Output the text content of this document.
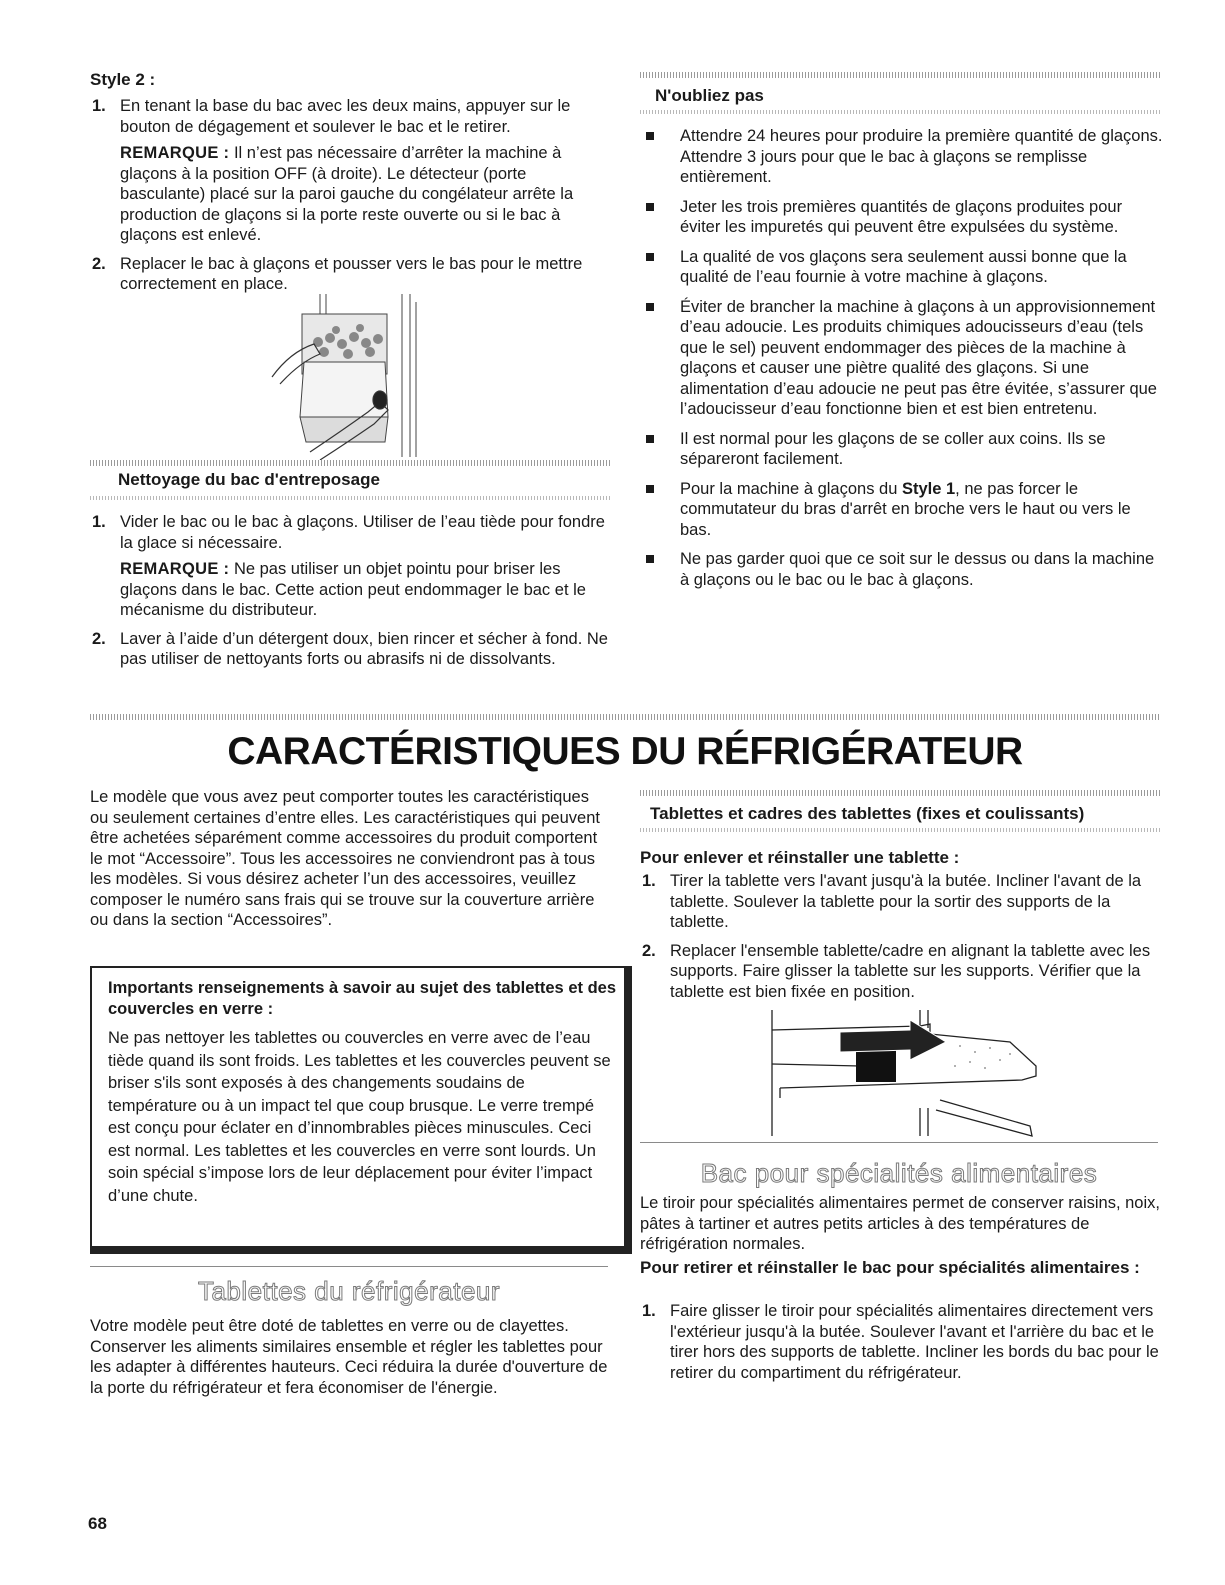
Style 2 :
1. En tenant la base du bac avec les deux mains, appuyer sur le bouton de dégagement et soulever le bac et le retirer.
REMARQUE : Il n’est pas nécessaire d’arrêter la machine à glaçons à la position OFF (à droite). Le détecteur (porte basculante) placé sur la paroi gauche du congélateur arrête la production de glaçons si la porte reste ouverte ou si le bac à glaçons est enlevé.
2. Replacer le bac à glaçons et pousser vers le bas pour le mettre correctement en place.
Nettoyage du bac d'entreposage
1. Vider le bac ou le bac à glaçons. Utiliser de l’eau tiède pour fondre la glace si nécessaire.
REMARQUE : Ne pas utiliser un objet pointu pour briser les glaçons dans le bac. Cette action peut endommager le bac et le mécanisme du distributeur.
2. Laver à l’aide d’un détergent doux, bien rincer et sécher à fond. Ne pas utiliser de nettoyants forts ou abrasifs ni de dissolvants.
N'oubliez pas
Attendre 24 heures pour produire la première quantité de glaçons. Attendre 3 jours pour que le bac à glaçons se remplisse entièrement.
Jeter les trois premières quantités de glaçons produites pour éviter les impuretés qui peuvent être expulsées du système.
La qualité de vos glaçons sera seulement aussi bonne que la qualité de l’eau fournie à votre machine à glaçons.
Éviter de brancher la machine à glaçons à un approvisionnement d’eau adoucie. Les produits chimiques adoucisseurs d’eau (tels que le sel) peuvent endommager des pièces de la machine à glaçons et causer une piètre qualité des glaçons. Si une alimentation d’eau adoucie ne peut pas être évitée, s’assurer que l’adoucisseur d’eau fonctionne bien et est bien entretenu.
Il est normal pour les glaçons de se coller aux coins. Ils se sépareront facilement.
Pour la machine à glaçons du Style 1, ne pas forcer le commutateur du bras d'arrêt en broche vers le haut ou vers le bas.
Ne pas garder quoi que ce soit sur le dessus ou dans la machine à glaçons ou le bac ou le bac à glaçons.
CARACTÉRISTIQUES DU RÉFRIGÉRATEUR
Le modèle que vous avez peut comporter toutes les caractéristiques ou seulement certaines d’entre elles. Les caractéristiques qui peuvent être achetées séparément comme accessoires du produit comportent le mot “Accessoire”. Tous les accessoires ne conviendront pas à tous les modèles. Si vous désirez acheter l’un des accessoires, veuillez composer le numéro sans frais qui se trouve sur la couverture arrière ou dans la section “Accessoires”.
Importants renseignements à savoir au sujet des tablettes et des couvercles en verre :
Ne pas nettoyer les tablettes ou couvercles en verre avec de l’eau tiède quand ils sont froids. Les tablettes et les couvercles peuvent se briser s'ils sont exposés à des changements soudains de température ou à un impact tel que coup brusque. Le verre trempé est conçu pour éclater en d’innombrables pièces minuscules. Ceci est normal. Les tablettes et les couvercles en verre sont lourds. Un soin spécial s’impose lors de leur déplacement pour éviter l’impact d’une chute.
Tablettes du réfrigérateur
Votre modèle peut être doté de tablettes en verre ou de clayettes. Conserver les aliments similaires ensemble et régler les tablettes pour les adapter à différentes hauteurs. Ceci réduira la durée d'ouverture de la porte du réfrigérateur et fera économiser de l'énergie.
Tablettes et cadres des tablettes (fixes et coulissants)
Pour enlever et réinstaller une tablette :
1. Tirer la tablette vers l'avant jusqu'à la butée. Incliner l'avant de la tablette. Soulever la tablette pour la sortir des supports de la tablette.
2. Replacer l'ensemble tablette/cadre en alignant la tablette avec les supports. Faire glisser la tablette sur les supports. Vérifier que la tablette est bien fixée en position.
Bac pour spécialités alimentaires
Le tiroir pour spécialités alimentaires permet de conserver raisins, noix, pâtes à tartiner et autres petits articles à des températures de réfrigération normales.
Pour retirer et réinstaller le bac pour spécialités alimentaires :
1. Faire glisser le tiroir pour spécialités alimentaires directement vers l'extérieur jusqu'à la butée. Soulever l'avant et l'arrière du bac et le tirer hors des supports de tablette. Incliner les bords du bac pour le retirer du compartiment du réfrigérateur.
68
